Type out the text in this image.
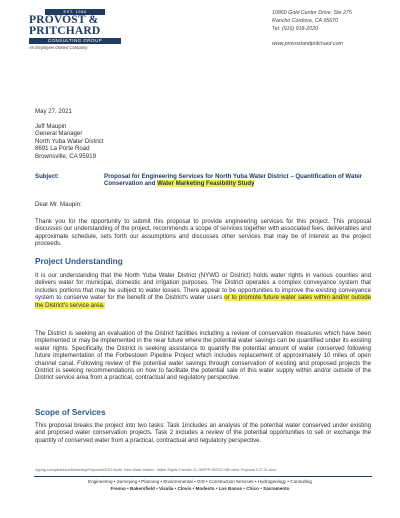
EST. 1986
PROVOST &
PRITCHARD
CONSULTING GROUP
An Employee Owned Company
10860 Gold Center Drive, Ste 275
Rancho Cordova, CA 95670
Tel: (916) 918-2020
www.provostandpritchard.com
May 27, 2021
Jeff Maupin
General Manager
North Yuba Water District
8691 La Porte Road
Brownsville, CA 95919
Subject:	Proposal for Engineering Services for North Yuba Water District – Quantification of Water Conservation and Water Marketing Feasibility Study
Dear Mr. Maupin:
Thank you for the opportunity to submit this proposal to provide engineering services for this project. This proposal discusses our understanding of the project, recommends a scope of services together with associated fees, deliverables and approximate schedule, sets forth our assumptions and discusses other services that may be of interest as the project proceeds.
Project Understanding
It is our understanding that the North Yuba Water District (NYWD or District) holds water rights in various counties and delivers water for municipal, domestic and irrigation purposes. The District operates a complex conveyance system that includes portions that may be subject to water losses. There appear to be opportunities to improve the existing conveyance system to conserve water for the benefit of the District's water users or to promote future water sales within and/or outside the District's service area.
The District is seeking an evaluation of the District facilities including a review of conservation measures which have been implemented or may be implemented in the near future where the potential water savings can be quantified under its existing water rights. Specifically, the District is seeking assistance to quantify the potential amount of water conserved following future implementation of the Forbestown Pipeline Project which includes replacement of approximately 10 miles of open channel canal. Following review of the potential water savings through conservation of existing and proposed projects the District is seeking recommendations on how to facilitate the potential sale of this water supply within and/or outside of the District service area from a practical, contractual and regulatory perspective.
Scope of Services
This proposal breaks the project into two tasks: Task 1includes an analysis of the potential water conserved under existing and proposed water conservation projects. Task 2 includes a review of the potential opportunities to sell or exchange the quantity of conserved water from a practical, contractual and regulatory perspective.
\\pping.com\jobs\docs\Marketing\Proposals\2021\North Yuba Water District - Water Rights Transfer 21-18\RFP-052021 NB Letter Proposal 5.27.21.docx
Engineering • Surveying • Planning • Environmental • GIS • Construction Services • Hydrogeology • Consulting
Fresno • Bakersfield • Visalia • Clovis • Modesto • Los Banos • Chico • Sacramento
